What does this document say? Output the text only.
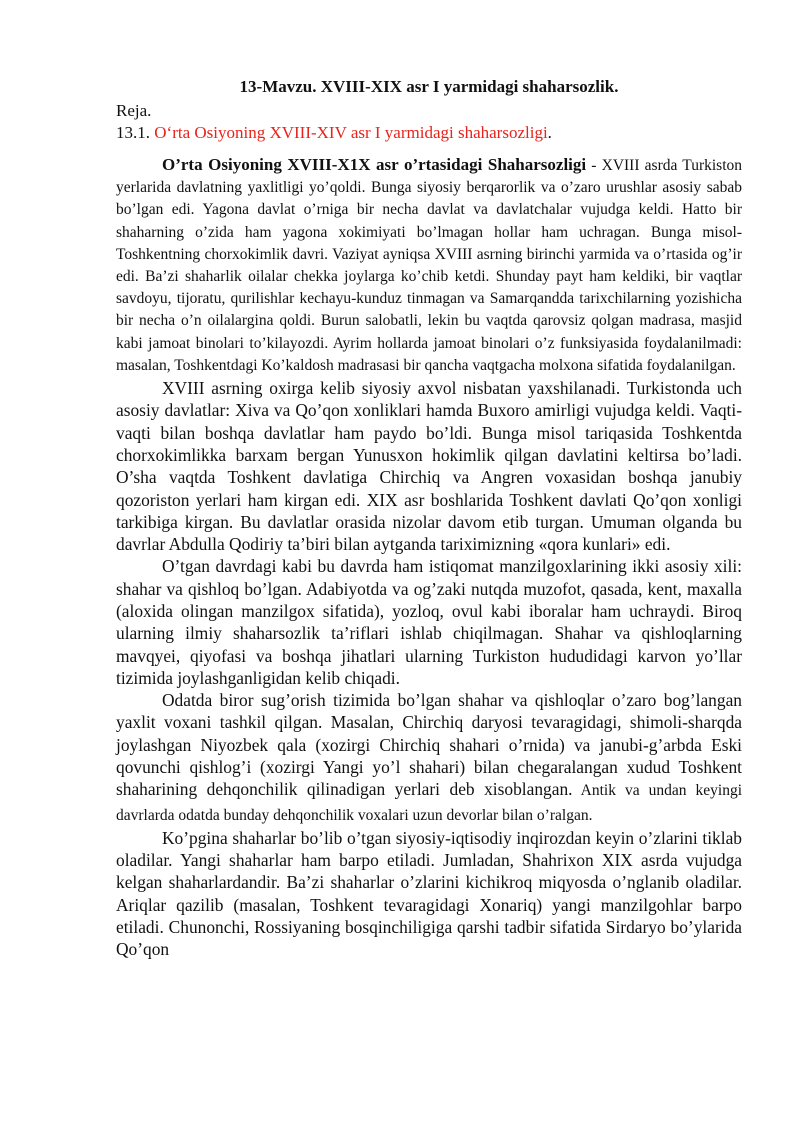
13-Mavzu. XVIII-XIX asr I yarmidagi shaharsozlik.

Reja.

13.1. O‘rta Osiyoning XVIII-XIV asr I yarmidagi shaharsozligi.

O’rta Osiyoning XVIII-X1X asr o’rtasidagi Shaharsozligi - XVIII asrda Turkiston yerlarida davlatning yaxlitligi yo’qoldi. Bunga siyosiy berqarorlik va o’zaro urushlar asosiy sabab bo’lgan edi. Yagona davlat o’rniga bir necha davlat va davlatchalar vujudga keldi. Hatto bir shaharning o’zida ham yagona xokimiyati bo’lmagan hollar ham uchragan. Bunga misol-Toshkentning chorxokimlik davri. Vaziyat ayniqsa XVIII asrning birinchi yarmida va o’rtasida og’ir edi. Ba’zi shaharlik oilalar chekka joylarga ko’chib ketdi. Shunday payt ham keldiki, bir vaqtlar savdoyu, tijoratu, qurilishlar kechayu-kunduz tinmagan va Samarqandda tarixchilarning yozishicha bir necha o’n oilalargina qoldi. Burun salobatli, lekin bu vaqtda qarovsiz qolgan madrasa, masjid kabi jamoat binolari to’kilayozdi. Ayrim hollarda jamoat binolari o’z funksiyasida foydalanilmadi: masalan, Toshkentdagi Ko’kaldosh madrasasi bir qancha vaqtgacha molxona sifatida foydalanilgan.

XVIII asrning oxirga kelib siyosiy axvol nisbatan yaxshilanadi. Turkistonda uch asosiy davlatlar: Xiva va Qo’qon xonliklari hamda Buxoro amirligi vujudga keldi. Vaqti-vaqti bilan boshqa davlatlar ham paydo bo’ldi. Bunga misol tariqasida Toshkentda chorxokimlikka barxam bergan Yunusxon hokimlik qilgan davlatini keltirsa bo’ladi. O’sha vaqtda Toshkent davlatiga Chirchiq va Angren voxasidan boshqa janubiy qozoriston yerlari ham kirgan edi. XIX asr boshlarida Toshkent davlati Qo’qon xonligi tarkibiga kirgan. Bu davlatlar orasida nizolar davom etib turgan. Umuman olganda bu davrlar Abdulla Qodiriy ta’biri bilan aytganda tariximizning «qora kunlari» edi.

O’tgan davrdagi kabi bu davrda ham istiqomat manzilgoxlarining ikki asosiy xili: shahar va qishloq bo’lgan. Adabiyotda va og’zaki nutqda muzofot, qasada, kent, maxalla (aloxida olingan manzilgox sifatida), yozloq, ovul kabi iboralar ham uchraydi. Biroq ularning ilmiy shaharsozlik ta’riflari ishlab chiqilmagan. Shahar va qishloqlarning mavqyei, qiyofasi va boshqa jihatlari ularning Turkiston hududidagi karvon yo’llar tizimida joylashganligidan kelib chiqadi.

Odatda biror sug’orish tizimida bo’lgan shahar va qishloqlar o’zaro bog’langan yaxlit voxani tashkil qilgan. Masalan, Chirchiq daryosi tevaragidagi, shimoli-sharqda joylashgan Niyozbek qala (xozirgi Chirchiq shahari o’rnida) va janubi-g’arbda Eski qovunchi qishlog’i (xozirgi Yangi yo’l shahari) bilan chegaralangan xudud Toshkent shaharining dehqonchilik qilinadigan yerlari deb xisoblangan. Antik va undan keyingi davrlarda odatda bunday dehqonchilik voxalari uzun devorlar bilan o’ralgan.

Ko’pgina shaharlar bo’lib o’tgan siyosiy-iqtisodiy inqirozdan keyin o’zlarini tiklab oladilar. Yangi shaharlar ham barpo etiladi. Jumladan, Shahrixon XIX asrda vujudga kelgan shaharlardandir. Ba’zi shaharlar o’zlarini kichikroq miqyosda o’nglanib oladilar. Ariqlar qazilib (masalan, Toshkent tevaragidagi Xonariq) yangi manzilgohlar barpo etiladi. Chunonchi, Rossiyaning bosqinchiligiga qarshi tadbir sifatida Sirdaryo bo’ylarida Qo’qon
